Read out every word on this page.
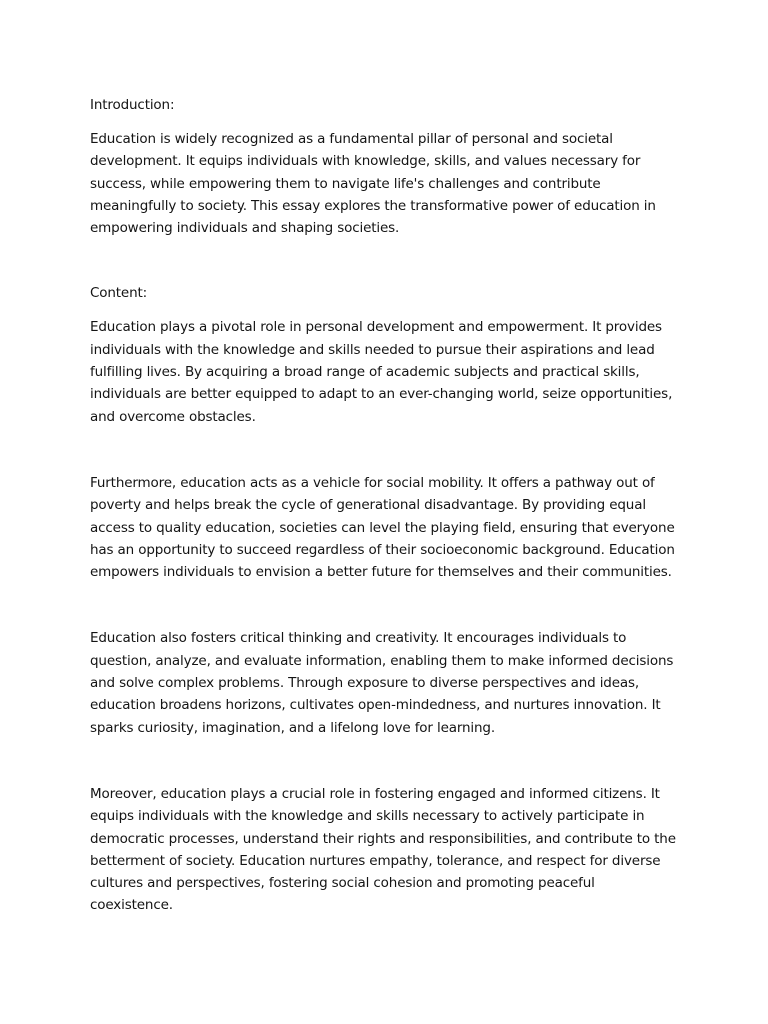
Introduction:

Education is widely recognized as a fundamental pillar of personal and societal
development. It equips individuals with knowledge, skills, and values necessary for
success, while empowering them to navigate life's challenges and contribute
meaningfully to society. This essay explores the transformative power of education in
empowering individuals and shaping societies.

Content:

Education plays a pivotal role in personal development and empowerment. It provides
individuals with the knowledge and skills needed to pursue their aspirations and lead
fulfilling lives. By acquiring a broad range of academic subjects and practical skills,
individuals are better equipped to adapt to an ever-changing world, seize opportunities,
and overcome obstacles.

Furthermore, education acts as a vehicle for social mobility. It offers a pathway out of
poverty and helps break the cycle of generational disadvantage. By providing equal
access to quality education, societies can level the playing field, ensuring that everyone
has an opportunity to succeed regardless of their socioeconomic background. Education
empowers individuals to envision a better future for themselves and their communities.

Education also fosters critical thinking and creativity. It encourages individuals to
question, analyze, and evaluate information, enabling them to make informed decisions
and solve complex problems. Through exposure to diverse perspectives and ideas,
education broadens horizons, cultivates open-mindedness, and nurtures innovation. It
sparks curiosity, imagination, and a lifelong love for learning.

Moreover, education plays a crucial role in fostering engaged and informed citizens. It
equips individuals with the knowledge and skills necessary to actively participate in
democratic processes, understand their rights and responsibilities, and contribute to the
betterment of society. Education nurtures empathy, tolerance, and respect for diverse
cultures and perspectives, fostering social cohesion and promoting peaceful
coexistence.
